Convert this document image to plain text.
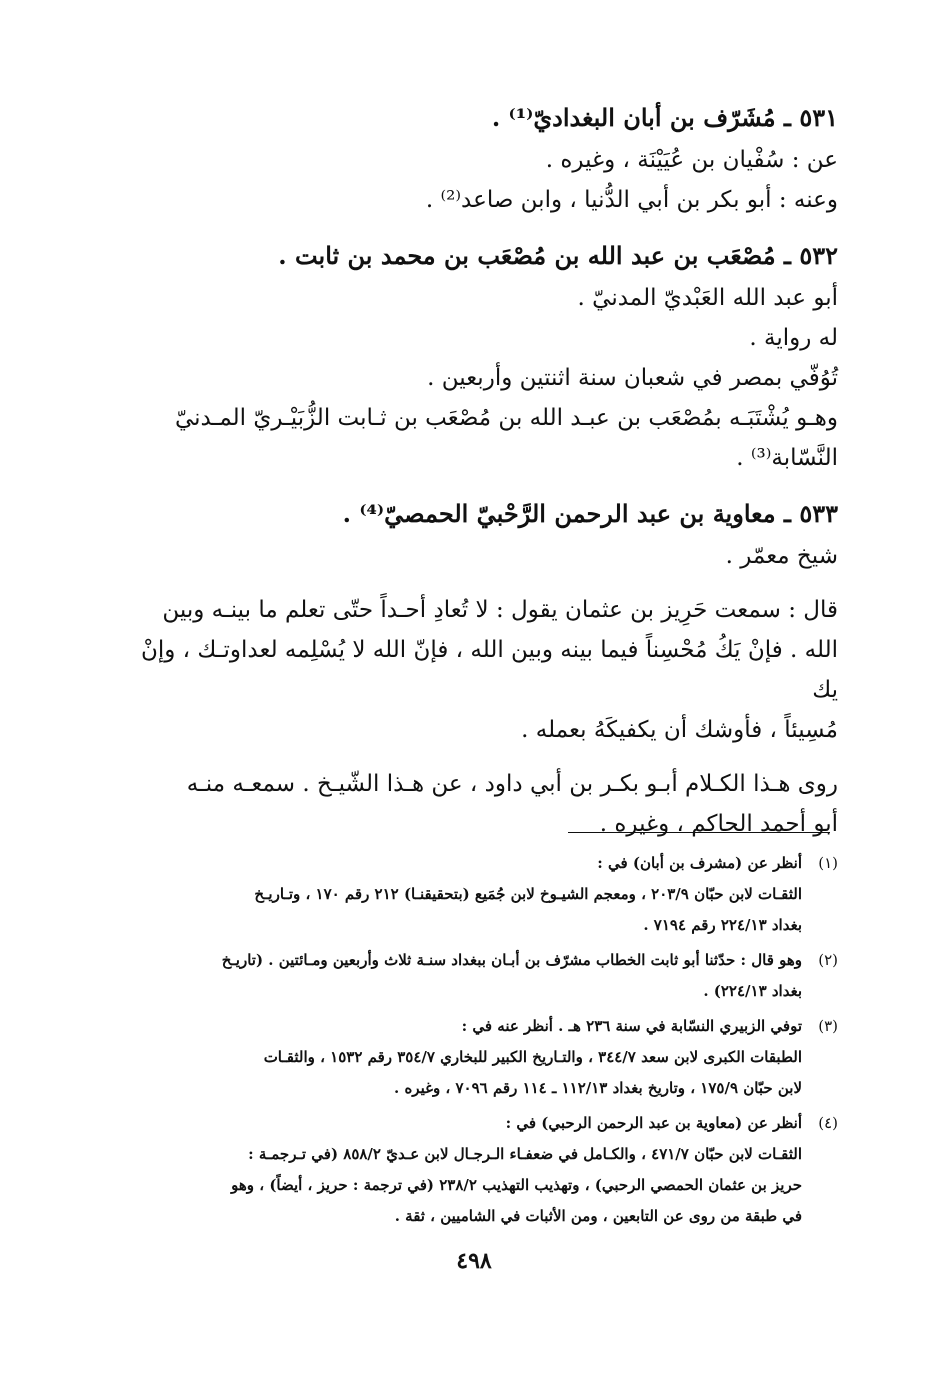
٥٣١ ـ مُشَرّف بن أبان البغداديّ⁽¹⁾ .

عن : سُفْيان بن عُيَيْنَة ، وغيره .

وعنه : أبو بكر بن أبي الدُّنيا ، وابن صاعد⁽²⁾ .

٥٣٢ ـ مُصْعَب بن عبد الله بن مُصْعَب بن محمد بن ثابت .

أبو عبد الله العَبْديّ المدنيّ .

له رواية .

تُوُفّي بمصر في شعبان سنة اثنتين وأربعين .

وهـو يُشْتَبَـه بمُصْعَب بن عبـد الله بن مُصْعَب بن ثـابت الزُّبَيْـريّ المـدنيّ

النَّسّابة⁽³⁾ .

٥٣٣ ـ معاوية بن عبد الرحمن الرَّحْبيّ الحمصيّ⁽⁴⁾ .

شيخ معمّر .

قال : سمعت حَرِيز بن عثمان يقول : لا تُعادِ أحـداً حتّى تعلم ما بينـه وبين

الله . فإنْ يَكُ مُحْسِناً فيما بينه وبين الله ، فإنّ الله لا يُسْلِمه لعداوتـك ، وإنْ يك

مُسِيئاً ، فأوشك أن يكفيكَهُ بعمله .

روى هـذا الكـلام أبـو بكـر بن أبي داود ، عن هـذا الشّيـخ . سمعـه منـه

أبو أحمد الحاكم ، وغيره .

(١)
أنظر عن (مشرف بن أبان) في :
الثقـات لابن حبّان ٢٠٣/٩ ، ومعجم الشيـوخ لابن جُمَيع (بتحقيقنـا) ٢١٢ رقم ١٧٠ ، وتـاريـخ
بغداد ٢٢٤/١٣ رقم ٧١٩٤ .
(٢)
وهو قال : حدّثنا أبو ثابت الخطاب مشرّف بن أبـان ببغداد سنـة ثلاث وأربعين ومـائتين . (تاريـخ
بغداد ٢٢٤/١٣) .
(٣)
توفي الزبيري النسّابة في سنة ٢٣٦ هـ . أنظر عنه في :
الطبقات الكبرى لابن سعد ٣٤٤/٧ ، والتـاريخ الكبير للبخاري ٣٥٤/٧ رقم ١٥٣٢ ، والثقـات
لابن حبّان ١٧٥/٩ ، وتاريخ بغداد ١١٢/١٣ ـ ١١٤ رقم ٧٠٩٦ ، وغيره .
(٤)
أنظر عن (معاوية بن عبد الرحمن الرحبي) في :
الثقـات لابن حبّان ٤٧١/٧ ، والكـامل في ضعفـاء الـرجـال لابن عـديّ ٨٥٨/٢ (في تـرجمـة :
حريز بن عثمان الحمصي الرحبي) ، وتهذيب التهذيب ٢٣٨/٢ (في ترجمة : حريز ، أيضاً) ، وهو
في طبقة من روى عن التابعين ، ومن الأثبات في الشاميين ، ثقة .
٤٩٨
